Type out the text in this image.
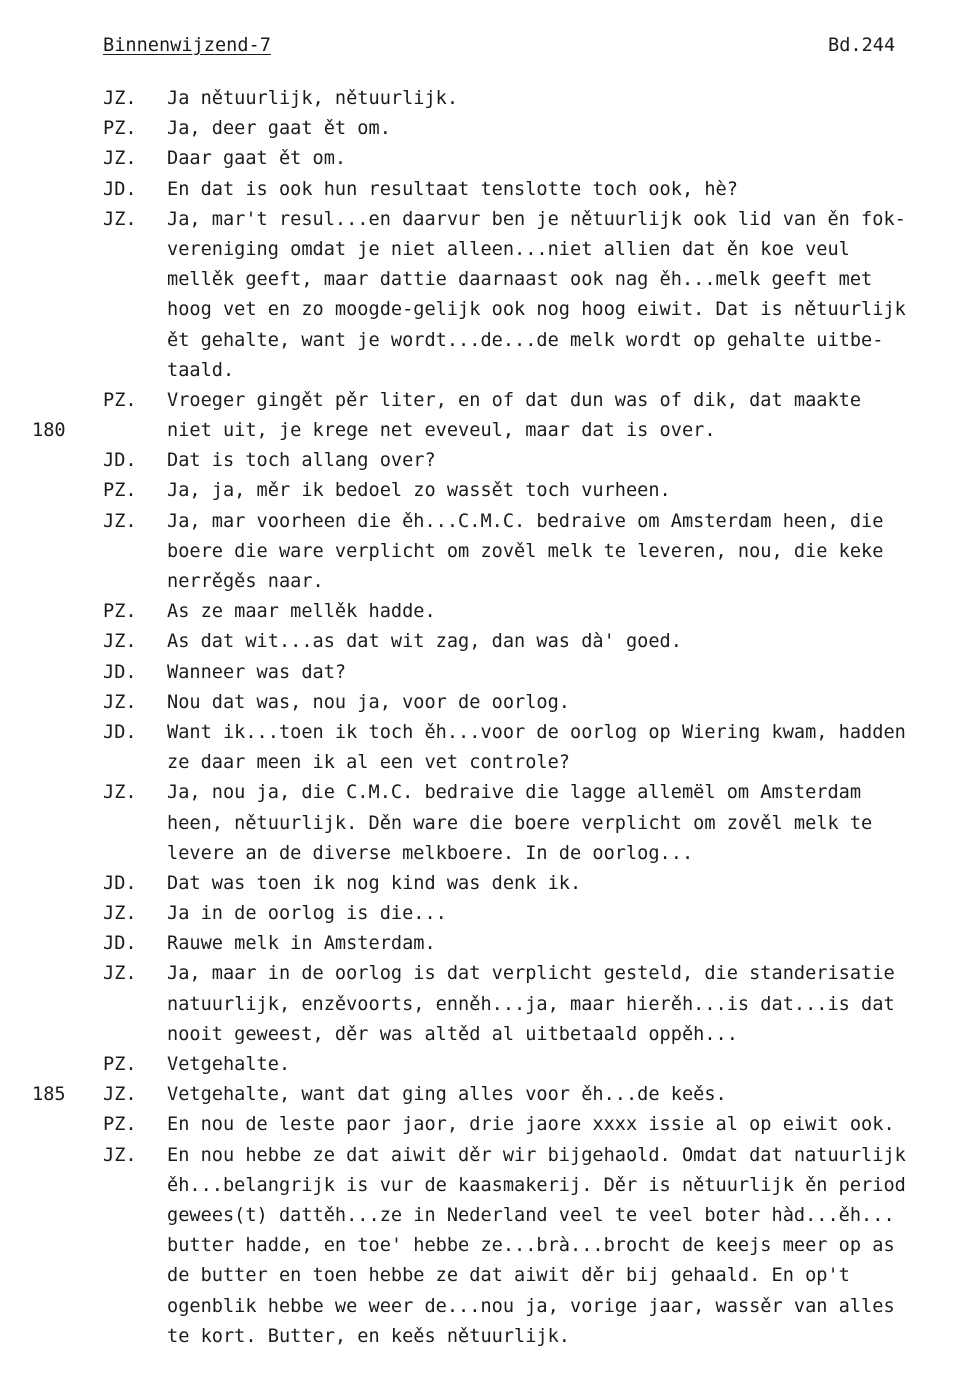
Binnenwijzend-7	Bd.244
JZ.	Ja nětuurlijk, nětuurlijk.
PZ.	Ja, deer gaat ět om.
JZ.	Daar gaat ět om.
JD.	En dat is ook hun resultaat tenslotte toch ook, hè?
JZ.	Ja, mar't resul...en daarvur ben je nětuurlijk ook lid van ěn fok-
vereniging omdat je niet alleen...niet allien dat ěn koe veul
mellěk geeft, maar dattie daarnaast ook nag ěh...melk geeft met
hoog vet en zo moogde-gelijk ook nog hoog eiwit. Dat is nětuurlijk
ět gehalte, want je wordt...de...de melk wordt op gehalte uitbe-
taald.
PZ.	Vroeger gingět pěr liter, en of dat dun was of dik, dat maakte
180	niet uit, je krege net eveveul, maar dat is over.
JD.	Dat is toch allang over?
PZ.	Ja, ja, měr ik bedoel zo wassět toch vurheen.
JZ.	Ja, mar voorheen die ěh...C.M.C. bedraive om Amsterdam heen, die
boere die ware verplicht om zověl melk te leveren, nou, die keke
nerrěgěs naar.
PZ.	As ze maar mellěk hadde.
JZ.	As dat wit...as dat wit zag, dan was dà' goed.
JD.	Wanneer was dat?
JZ.	Nou dat was, nou ja, voor de oorlog.
JD.	Want ik...toen ik toch ěh...voor de oorlog op Wiering kwam, hadden
ze daar meen ik al een vet controle?
JZ.	Ja, nou ja, die C.M.C. bedraive die lagge allemël om Amsterdam
heen, nětuurlijk. Děn ware die boere verplicht om zověl melk te
levere an de diverse melkboere. In de oorlog...
JD.	Dat was toen ik nog kind was denk ik.
JZ.	Ja in de oorlog is die...
JD.	Rauwe melk in Amsterdam.
JZ.	Ja, maar in de oorlog is dat verplicht gesteld, die standerisatie
natuurlijk, enzěvoorts, enněh...ja, maar hierěh...is dat...is dat
nooit geweest, děr was altěd al uitbetaald oppěh...
PZ.	Vetgehalte.
185	JZ.	Vetgehalte, want dat ging alles voor ěh...de keěs.
PZ.	En nou de leste paor jaor, drie jaore xxxx issie al op eiwit ook.
JZ.	En nou hebbe ze dat aiwit děr wir bijgehaold. Omdat dat natuurlijk
ěh...belangrijk is vur de kaasmakerij. Děr is nětuurlijk ěn period
gewees(t) dattěh...ze in Nederland veel te veel boter hàd...ěh...
butter hadde, en toe' hebbe ze...brà...brocht de keejs meer op as
de butter en toen hebbe ze dat aiwit děr bij gehaald. En op't
ogenblik hebbe we weer de...nou ja, vorige jaar, wassěr van alles
te kort. Butter, en keěs nětuurlijk.
